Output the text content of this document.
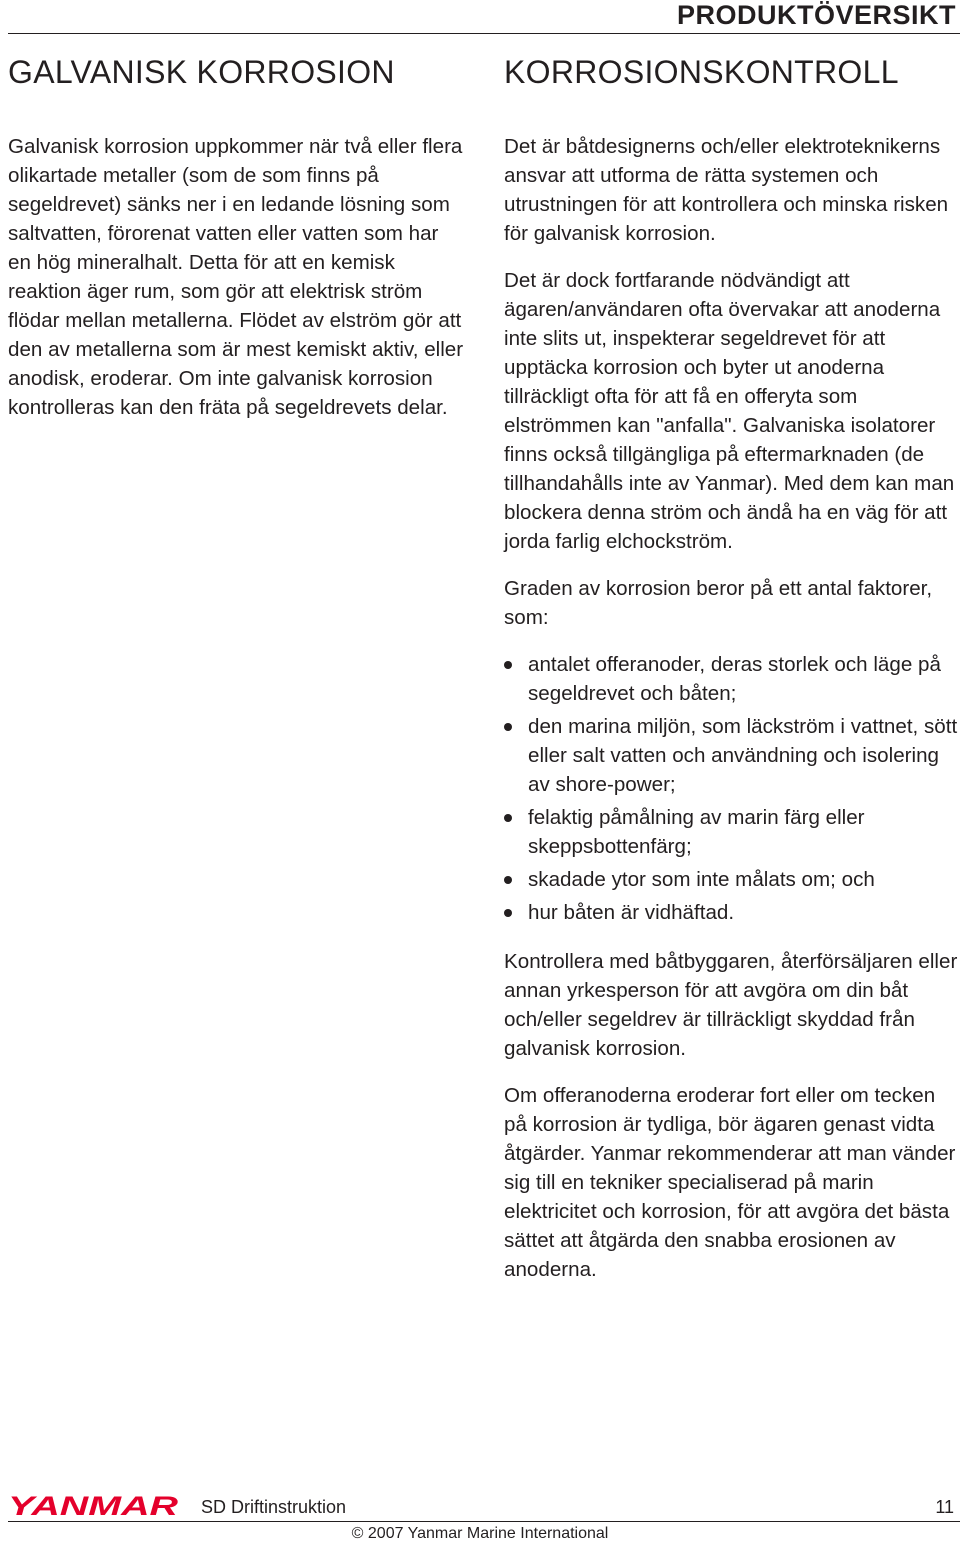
PRODUKTÖVERSIKT
GALVANISK KORROSION

Galvanisk korrosion uppkommer när två eller flera olikartade metaller (som de som finns på segeldrevet) sänks ner i en ledande lösning som saltvatten, förorenat vatten eller vatten som har en hög mineralhalt. Detta för att en kemisk reaktion äger rum, som gör att elektrisk ström flödar mellan metallerna. Flödet av elström gör att den av metallerna som är mest kemiskt aktiv, eller anodisk, eroderar. Om inte galvanisk korrosion kontrolleras kan den fräta på segeldrevets delar.

KORROSIONSKONTROLL

Det är båtdesignerns och/eller elektroteknikerns ansvar att utforma de rätta systemen och utrustningen för att kontrollera och minska risken för galvanisk korrosion.

Det är dock fortfarande nödvändigt att ägaren/användaren ofta övervakar att anoderna inte slits ut, inspekterar segeldrevet för att upptäcka korrosion och byter ut anoderna tillräckligt ofta för att få en offeryta som elströmmen kan "anfalla". Galvaniska isolatorer finns också tillgängliga på eftermarknaden (de tillhandahålls inte av Yanmar). Med dem kan man blockera denna ström och ändå ha en väg för att jorda farlig elchockström.

Graden av korrosion beror på ett antal faktorer, som:

antalet offeranoder, deras storlek och läge på segeldrevet och båten;
den marina miljön, som läckström i vattnet, sött eller salt vatten och användning och isolering av shore-power;
felaktig påmålning av marin färg eller skeppsbottenfärg;
skadade ytor som inte målats om; och
hur båten är vidhäftad.

Kontrollera med båtbyggaren, återförsäljaren eller annan yrkesperson för att avgöra om din båt och/eller segeldrev är tillräckligt skyddad från galvanisk korrosion.

Om offeranoderna eroderar fort eller om tecken på korrosion är tydliga, bör ägaren genast vidta åtgärder. Yanmar rekommenderar att man vänder sig till en tekniker specialiserad på marin elektricitet och korrosion, för att avgöra det bästa sättet att åtgärda den snabba erosionen av anoderna.

YANMAR SD Driftinstruktion	11
© 2007 Yanmar Marine International
